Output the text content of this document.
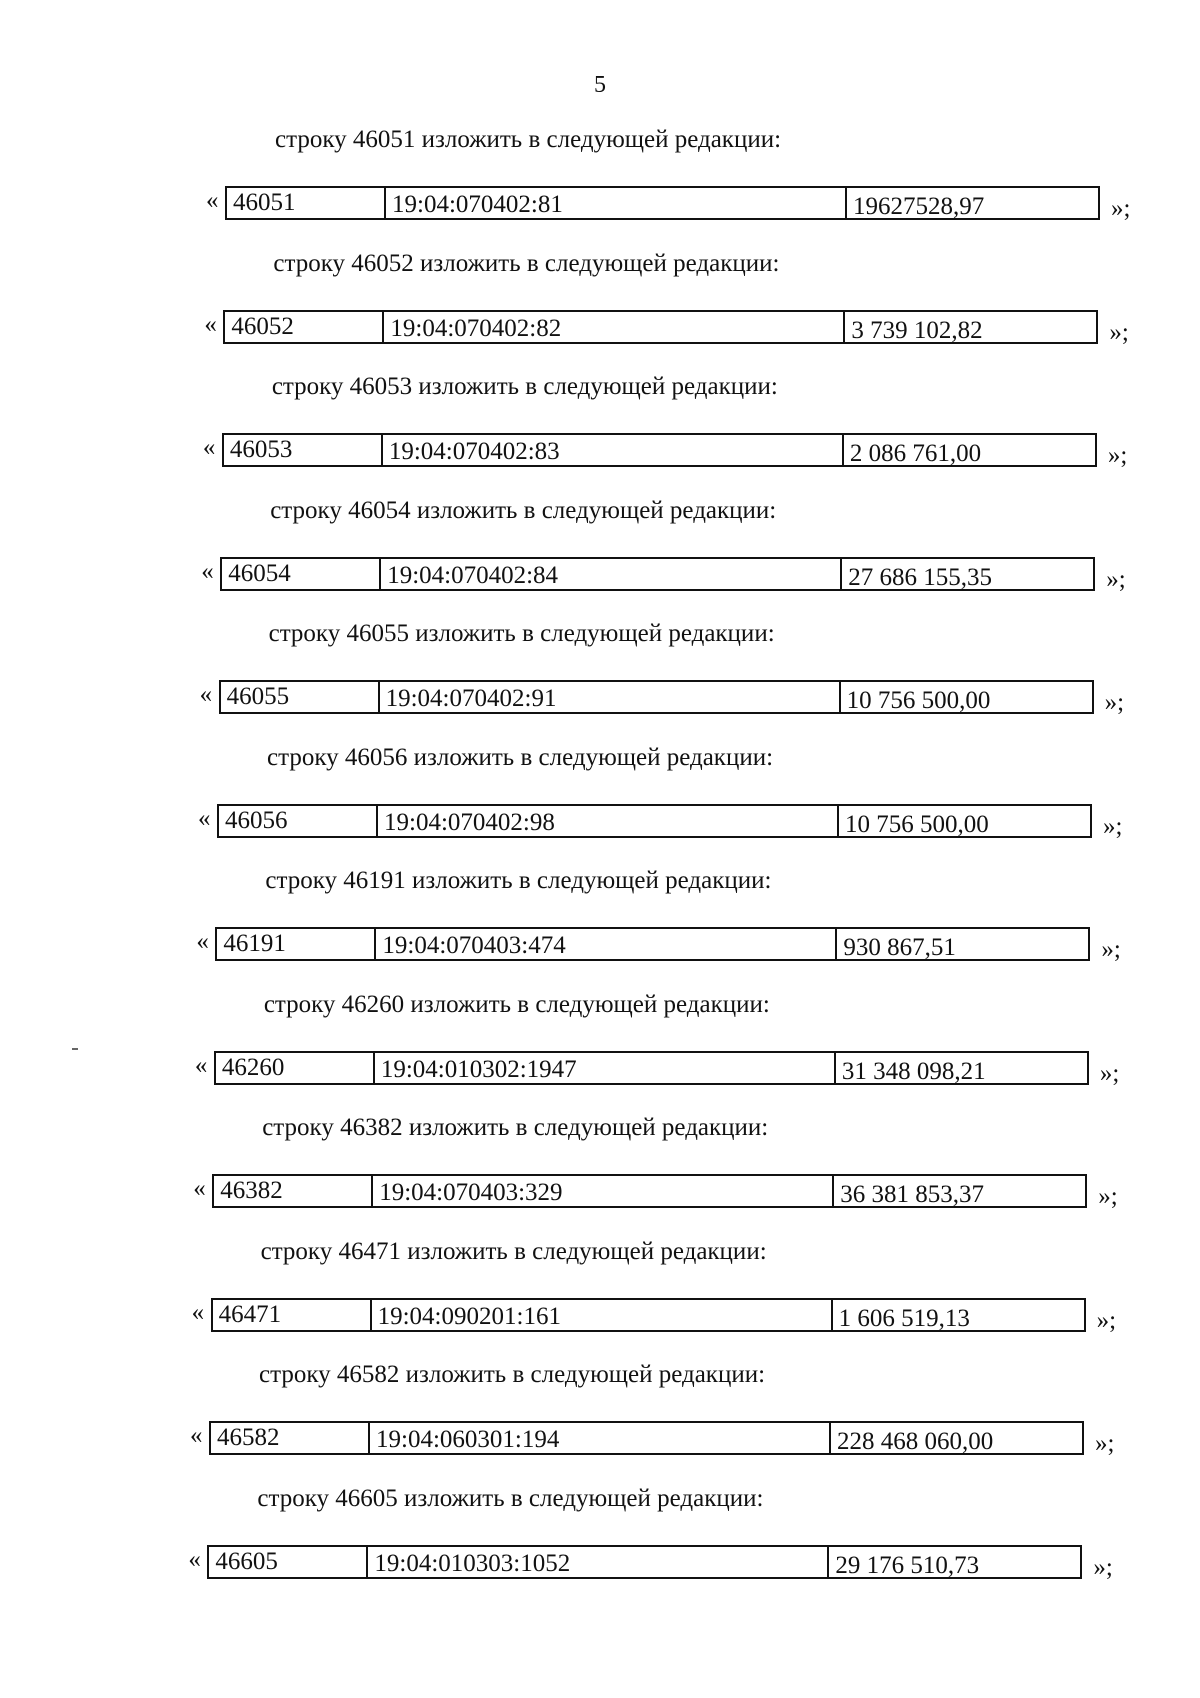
5
строку 46051 изложить в следующей редакции:
« 46051	19:04:070402:81	19627528,97	»;
строку 46052 изложить в следующей редакции:
« 46052	19:04:070402:82	3 739 102,82	»;
строку 46053 изложить в следующей редакции:
« 46053	19:04:070402:83	2 086 761,00	»;
строку 46054 изложить в следующей редакции:
« 46054	19:04:070402:84	27 686 155,35	»;
строку 46055 изложить в следующей редакции:
« 46055	19:04:070402:91	10 756 500,00	»;
строку 46056 изложить в следующей редакции:
« 46056	19:04:070402:98	10 756 500,00	»;
строку 46191 изложить в следующей редакции:
« 46191	19:04:070403:474	930 867,51	»;
строку 46260 изложить в следующей редакции:
« 46260	19:04:010302:1947	31 348 098,21	»;
строку 46382 изложить в следующей редакции:
« 46382	19:04:070403:329	36 381 853,37	»;
строку 46471 изложить в следующей редакции:
« 46471	19:04:090201:161	1 606 519,13	»;
строку 46582 изложить в следующей редакции:
« 46582	19:04:060301:194	228 468 060,00	»;
строку 46605 изложить в следующей редакции:
« 46605	19:04:010303:1052	29 176 510,73	»;
